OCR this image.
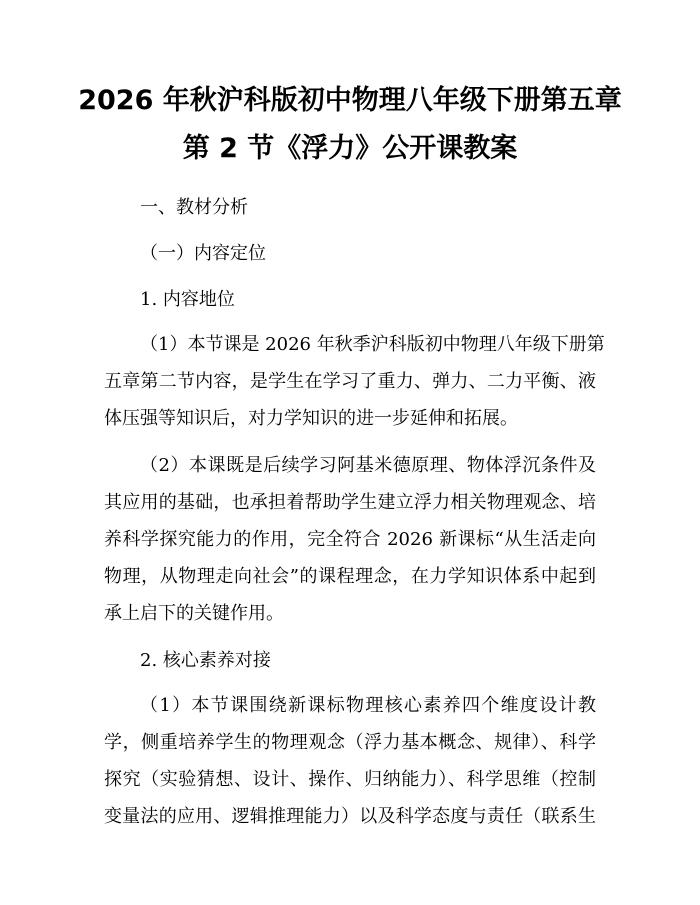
2026 年秋沪科版初中物理八年级下册第五章
第 2 节《浮力》公开课教案

一、教材分析

（一）内容定位

1. 内容地位

（1）本节课是 2026 年秋季沪科版初中物理八年级下册第

五章第二节内容，是学生在学习了重力、弹力、二力平衡、液

体压强等知识后，对力学知识的进一步延伸和拓展。

（2）本课既是后续学习阿基米德原理、物体浮沉条件及

其应用的基础，也承担着帮助学生建立浮力相关物理观念、培

养科学探究能力的作用，完全符合 2026 新课标“从生活走向

物理，从物理走向社会”的课程理念，在力学知识体系中起到

承上启下的关键作用。

2. 核心素养对接

（1）本节课围绕新课标物理核心素养四个维度设计教

学，侧重培养学生的物理观念（浮力基本概念、规律）、科学

探究（实验猜想、设计、操作、归纳能力）、科学思维（控制

变量法的应用、逻辑推理能力）以及科学态度与责任（联系生
